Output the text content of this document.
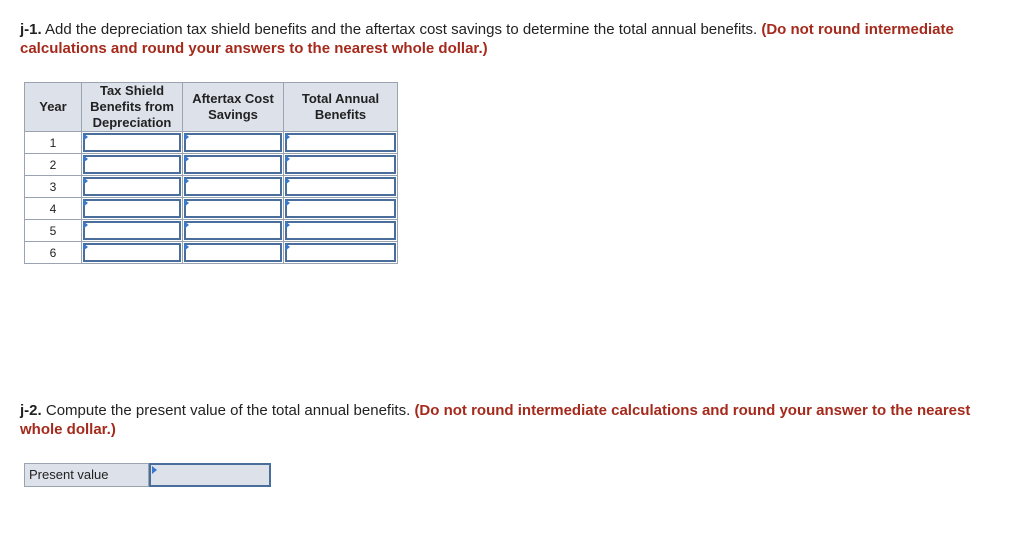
j-1. Add the depreciation tax shield benefits and the aftertax cost savings to determine the total annual benefits. (Do not round intermediate calculations and round your answers to the nearest whole dollar.)
Year	Tax Shield Benefits from Depreciation	Aftertax Cost Savings	Total Annual Benefits
1	

2	

3	

4	

5	

6	

j-2. Compute the present value of the total annual benefits. (Do not round intermediate calculations and round your answer to the nearest whole dollar.)
Present value
